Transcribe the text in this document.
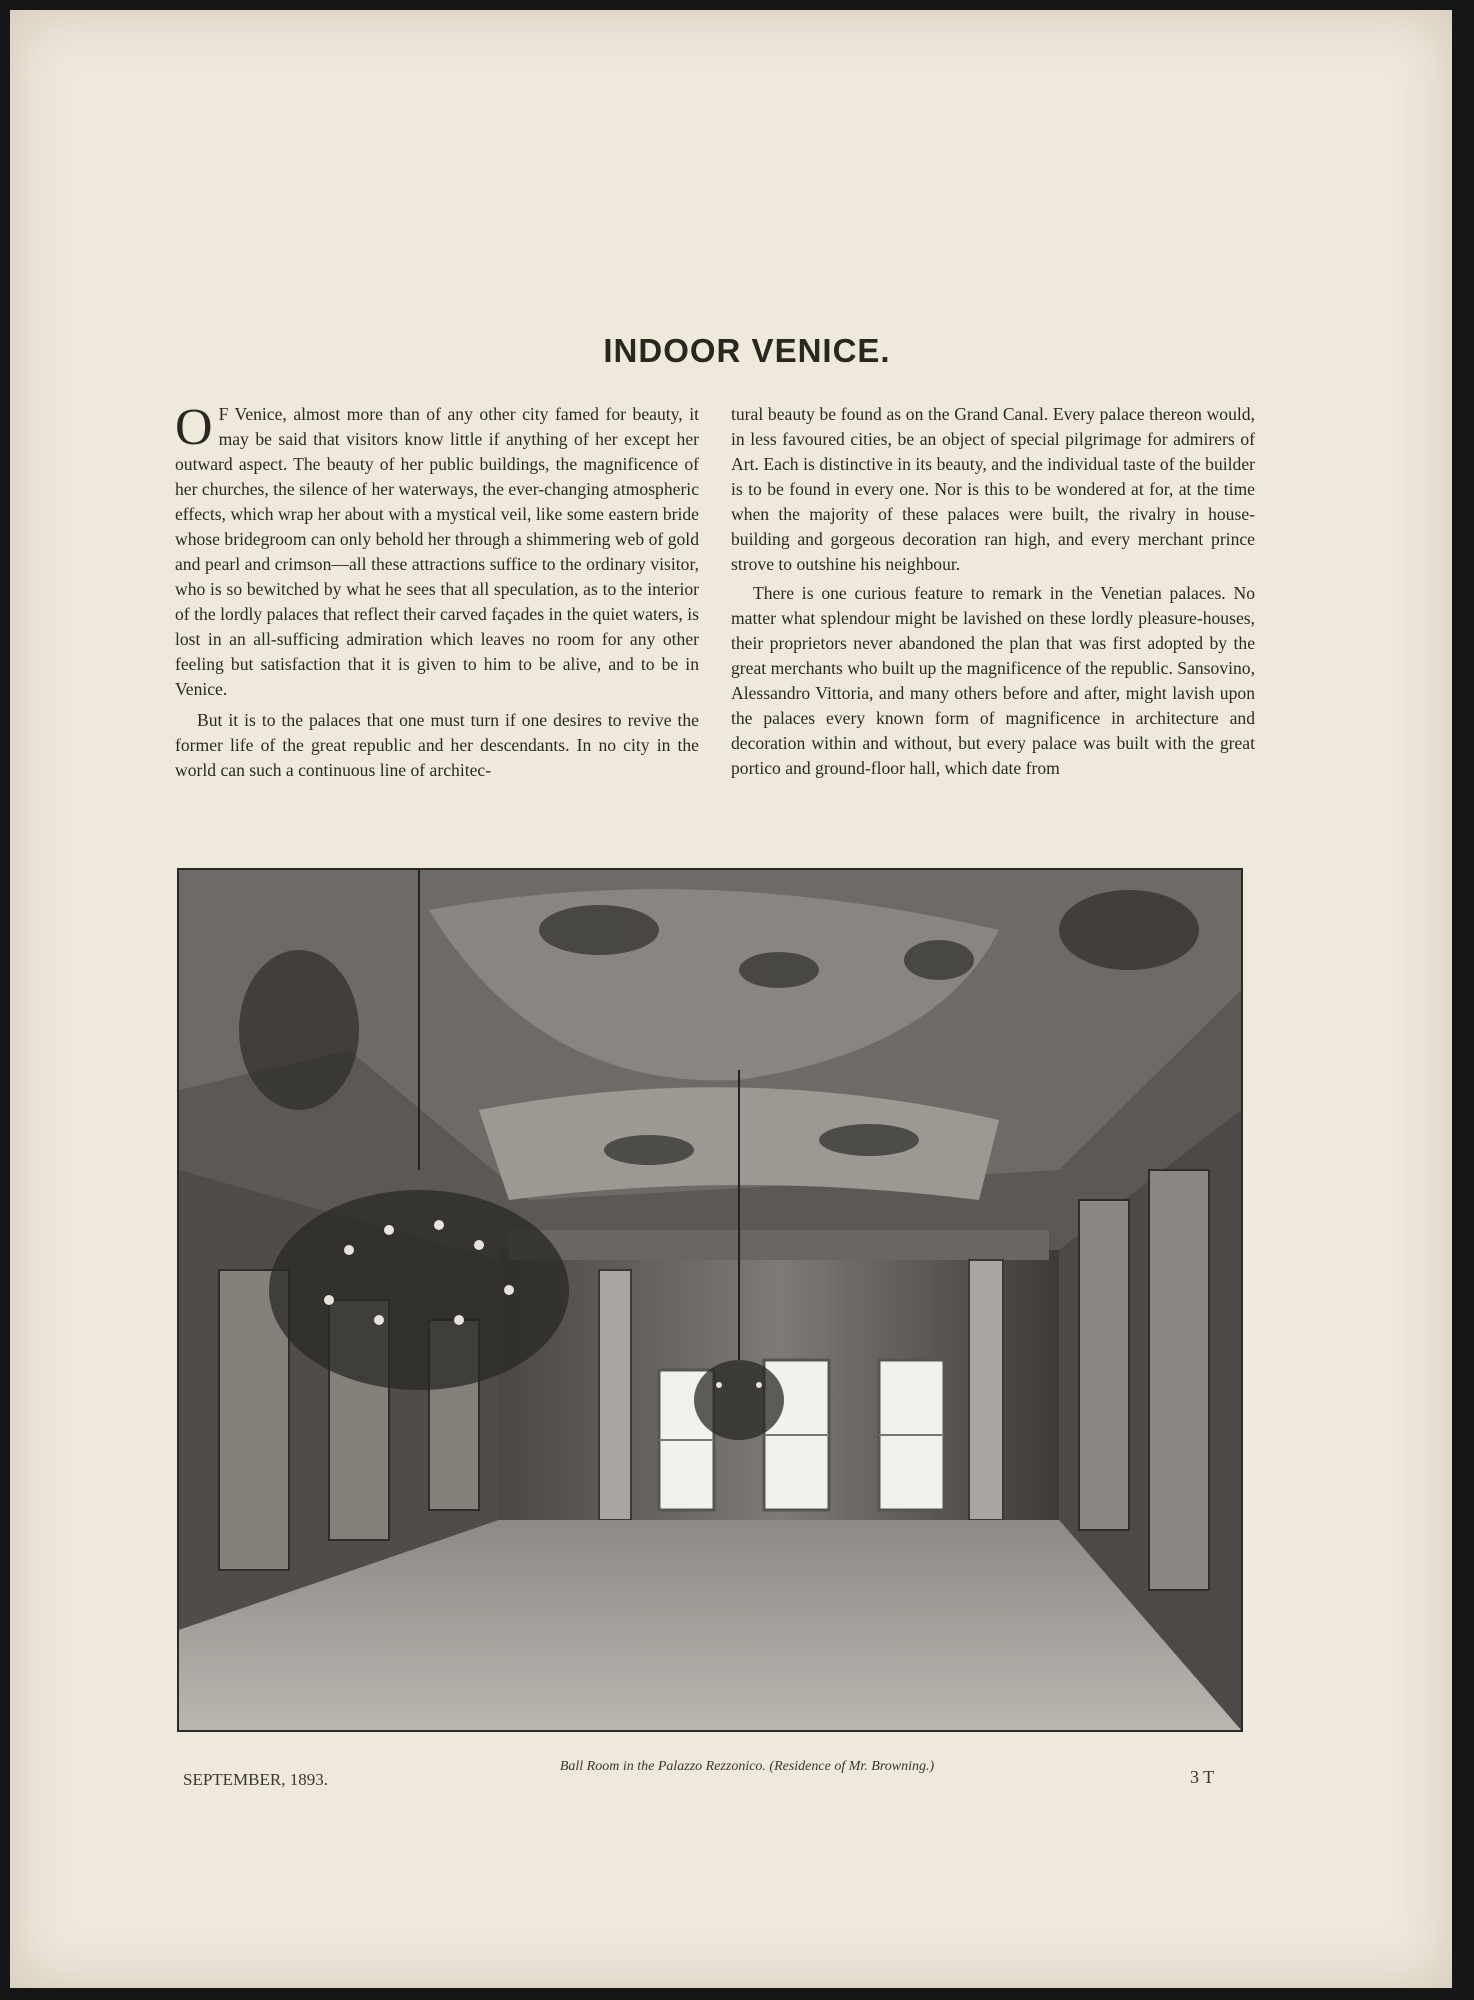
INDOOR VENICE.

O F Venice, almost more than of any other city famed for beauty, it may be said that visitors know little if anything of her except her outward aspect. The beauty of her public buildings, the magnificence of her churches, the silence of her waterways, the ever-changing atmospheric effects, which wrap her about with a mystical veil, like some eastern bride whose bridegroom can only behold her through a shimmering web of gold and pearl and crimson—all these attractions suffice to the ordinary visitor, who is so bewitched by what he sees that all speculation, as to the interior of the lordly palaces that reflect their carved façades in the quiet waters, is lost in an all-sufficing admiration which leaves no room for any other feeling but satisfaction that it is given to him to be alive, and to be in Venice.

But it is to the palaces that one must turn if one desires to revive the former life of the great republic and her descendants. In no city in the world can such a continuous line of architec-

tural beauty be found as on the Grand Canal. Every palace thereon would, in less favoured cities, be an object of special pilgrimage for admirers of Art. Each is distinctive in its beauty, and the individual taste of the builder is to be found in every one. Nor is this to be wondered at for, at the time when the majority of these palaces were built, the rivalry in house-building and gorgeous decoration ran high, and every merchant prince strove to outshine his neighbour.

There is one curious feature to remark in the Venetian palaces. No matter what splendour might be lavished on these lordly pleasure-houses, their proprietors never abandoned the plan that was first adopted by the great merchants who built up the magnificence of the republic. Sansovino, Alessandro Vittoria, and many others before and after, might lavish upon the palaces every known form of magnificence in architecture and decoration within and without, but every palace was built with the great portico and ground-floor hall, which date from

SEPTEMBER, 1893.
Ball Room in the Palazzo Rezzonico. (Residence of Mr. Browning.)
3 T
